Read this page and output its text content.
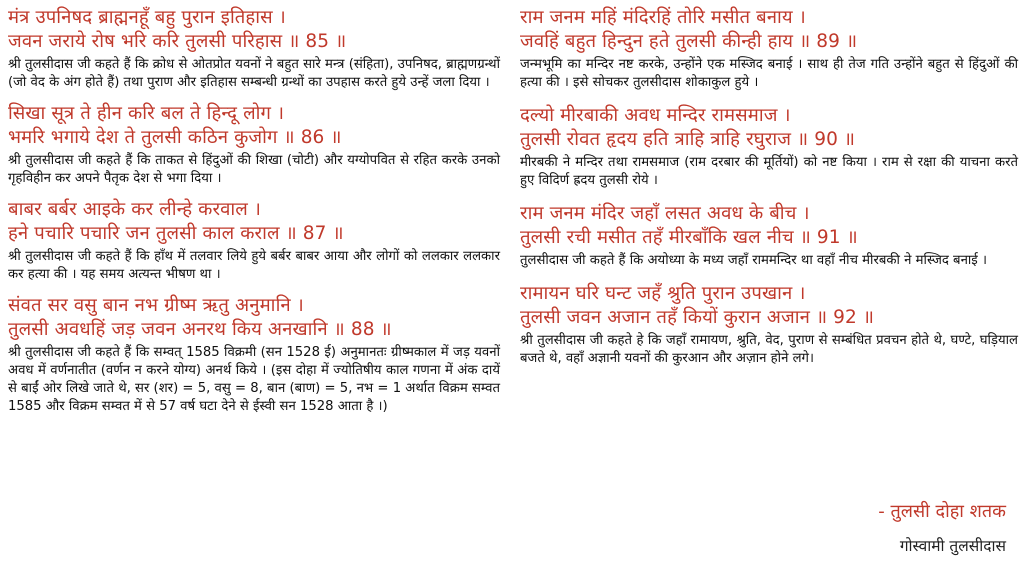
मंत्र उपनिषद ब्राह्मनहूँ बहु पुरान इतिहास ।
जवन जराये रोष भरि करि तुलसी परिहास ॥ 85 ॥
श्री तुलसीदास जी कहते हैं कि क्रोध से ओतप्रोत यवनों ने बहुत सारे मन्त्र (संहिता), उपनिषद, ब्राह्मणग्रन्थों (जो वेद के अंग होते हैं) तथा पुराण और इतिहास सम्बन्धी ग्रन्थों का उपहास करते हुये उन्हें जला दिया ।
सिखा सूत्र ते हीन करि बल ते हिन्दू लोग ।
भमरि भगाये देश ते तुलसी कठिन कुजोग ॥ 86 ॥
श्री तुलसीदास जी कहते हैं कि ताकत से हिंदुओं की शिखा (चोटी) और यग्योपवित से रहित करके उनको गृहविहीन कर अपने पैतृक देश से भगा दिया ।
बाबर बर्बर आइके कर लीन्हे करवाल ।
हने पचारि पचारि जन तुलसी काल कराल ॥ 87 ॥
श्री तुलसीदास जी कहते हैं कि हाँथ में तलवार लिये हुये बर्बर बाबर आया और लोगों को ललकार ललकार कर हत्या की । यह समय अत्यन्त भीषण था ।
संवत सर वसु बान नभ ग्रीष्म ऋतु अनुमानि ।
तुलसी अवधहिं जड़ जवन अनरथ किय अनखानि ॥ 88 ॥
श्री तुलसीदास जी कहते हैं कि सम्वत् 1585 विक्रमी (सन 1528 ई) अनुमानतः ग्रीष्मकाल में जड़ यवनों अवध में वर्णनातीत (वर्णन न करने योग्य) अनर्थ किये । (इस दोहा में ज्योतिषीय काल गणना में अंक दायें से बाईं ओर लिखे जाते थे, सर (शर) = 5, वसु = 8, बान (बाण) = 5, नभ = 1 अर्थात विक्रम सम्वत 1585 और विक्रम सम्वत में से 57 वर्ष घटा देने से ईस्वी सन 1528 आता है ।)
राम जनम महिं मंदिरहिं तोरि मसीत बनाय ।
जवहिं बहुत हिन्दुन हते तुलसी कीन्ही हाय ॥ 89 ॥
जन्मभूमि का मन्दिर नष्ट करके, उन्होंने एक मस्जिद बनाई । साथ ही तेज गति उन्होंने बहुत से हिंदुओं की हत्या की । इसे सोचकर तुलसीदास शोकाकुल हुये ।
दल्यो मीरबाकी अवध मन्दिर रामसमाज ।
तुलसी रोवत हृदय हति त्राहि त्राहि रघुराज ॥ 90 ॥
मीरबकी ने मन्दिर तथा रामसमाज (राम दरबार की मूर्तियों) को नष्ट किया । राम से रक्षा की याचना करते हुए विदिर्ण ह्रदय तुलसी रोये ।
राम जनम मंदिर जहाँ लसत अवध के बीच ।
तुलसी रची मसीत तहँ मीरबाँकि खल नीच ॥ 91 ॥
तुलसीदास जी कहते हैं कि अयोध्या के मध्य जहाँ राममन्दिर था वहाँ नीच मीरबकी ने मस्जिद बनाई ।
रामायन घरि घन्ट जहँ श्रुति पुरान उपखान ।
तुलसी जवन अजान तहँ कियों कुरान अजान ॥ 92 ॥
श्री तुलसीदास जी कहते हे कि जहाँ रामायण, श्रुति, वेद, पुराण से सम्बंधित प्रवचन होते थे, घण्टे, घड़ियाल बजते थे, वहाँ अज्ञानी यवनों की कुरआन और अज़ान होने लगे।
- तुलसी दोहा शतक
गोस्वामी तुलसीदास
